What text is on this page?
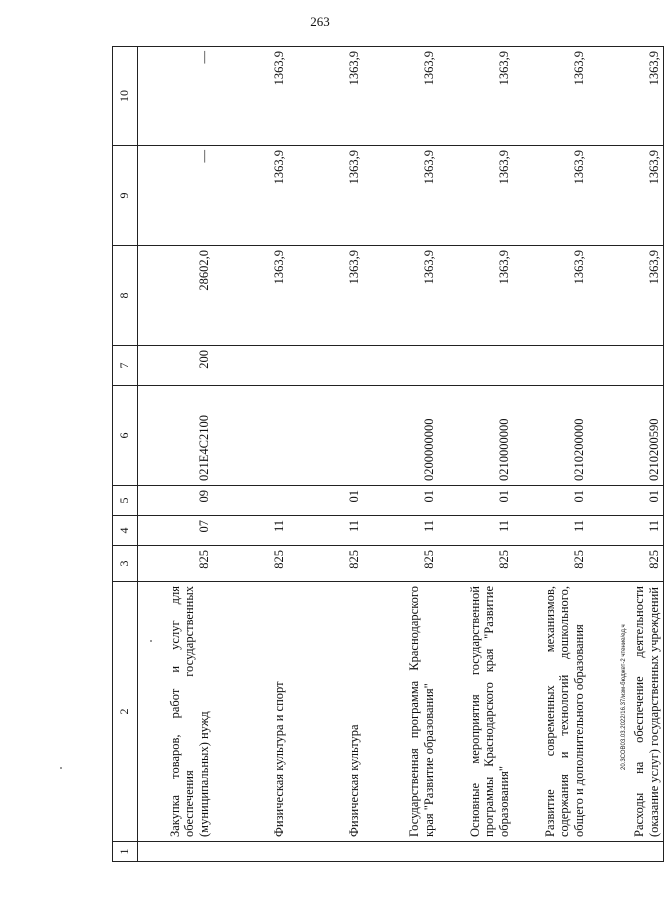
263
1	2	3	4	5	6	7	8	9	10
	Закупка товаров, работ и услуг для обеспечения государственных (муниципальных) нужд	825	07	09	021E4С2100	200	28602,0	—	—
	Физическая культура и спорт	825	11				1363,9	1363,9	1363,9
	Физическая культура	825	11	01			1363,9	1363,9	1363,9
	Государственная программа Краснодарского края "Развитие образования"	825	11	01	0200000000		1363,9	1363,9	1363,9
	Основные мероприятия государственной программы Краснодарского края "Развитие образования"	825	11	01	0210000000		1363,9	1363,9	1363,9
	Развитие современных механизмов, содержания и технологий дошкольного, общего и дополнительного образования	825	11	01	0210200000		1363,9	1363,9	1363,9
	Расходы на обеспечение деятельности (оказание услуг) государственных учреждений	825	11	01	0210200590		1363,9	1363,9	1363,9
20.3СОВ03.03.2022/16.37/изм-бюджет-2 чтение/ед.ч
